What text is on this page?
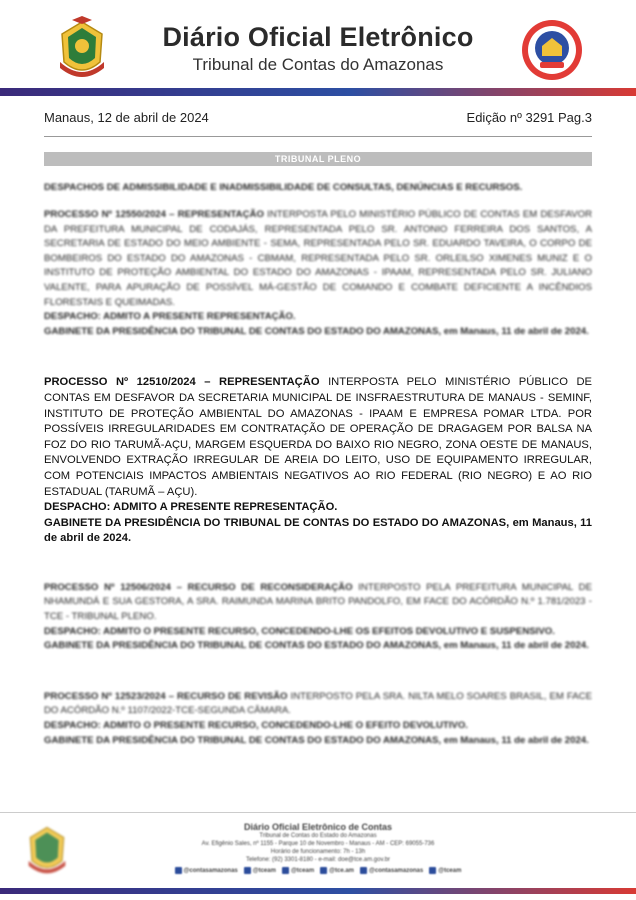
Diário Oficial Eletrônico
Tribunal de Contas do Amazonas
Manaus, 12 de abril de 2024	Edição nº 3291 Pag.3
TRIBUNAL PLENO
DESPACHOS DE ADMISSIBILIDADE E INADMISSIBILIDADE DE CONSULTAS, DENÚNCIAS E RECURSOS.
PROCESSO Nº 12550/2024 – REPRESENTAÇÃO INTERPOSTA PELO MINISTÉRIO PÚBLICO DE CONTAS EM DESFAVOR DA PREFEITURA MUNICIPAL DE CODAJÁS, REPRESENTADA PELO SR. ANTONIO FERREIRA DOS SANTOS, A SECRETARIA DE ESTADO DO MEIO AMBIENTE - SEMA, REPRESENTADA PELO SR. EDUARDO TAVEIRA, O CORPO DE BOMBEIROS DO ESTADO DO AMAZONAS - CBMAM, REPRESENTADA PELO SR. ORLEILSO XIMENES MUNIZ E O INSTITUTO DE PROTEÇÃO AMBIENTAL DO ESTADO DO AMAZONAS - IPAAM, REPRESENTADA PELO SR. JULIANO VALENTE, PARA APURAÇÃO DE POSSÍVEL MÁ-GESTÃO DE COMANDO E COMBATE DEFICIENTE A INCÊNDIOS FLORESTAIS E QUEIMADAS.
DESPACHO: ADMITO A PRESENTE REPRESENTAÇÃO.
GABINETE DA PRESIDÊNCIA DO TRIBUNAL DE CONTAS DO ESTADO DO AMAZONAS, em Manaus, 11 de abril de 2024.
PROCESSO Nº 12510/2024 – REPRESENTAÇÃO INTERPOSTA PELO MINISTÉRIO PÚBLICO DE CONTAS EM DESFAVOR DA SECRETARIA MUNICIPAL DE INSFRAESTRUTURA DE MANAUS - SEMINF, INSTITUTO DE PROTEÇÃO AMBIENTAL DO AMAZONAS - IPAAM E EMPRESA POMAR LTDA. POR POSSÍVEIS IRREGULARIDADES EM CONTRATAÇÃO DE OPERAÇÃO DE DRAGAGEM POR BALSA NA FOZ DO RIO TARUMÃ-AÇU, MARGEM ESQUERDA DO BAIXO RIO NEGRO, ZONA OESTE DE MANAUS, ENVOLVENDO EXTRAÇÃO IRREGULAR DE AREIA DO LEITO, USO DE EQUIPAMENTO IRREGULAR, COM POTENCIAIS IMPACTOS AMBIENTAIS NEGATIVOS AO RIO FEDERAL (RIO NEGRO) E AO RIO ESTADUAL (TARUMÃ – AÇU).
DESPACHO: ADMITO A PRESENTE REPRESENTAÇÃO.
GABINETE DA PRESIDÊNCIA DO TRIBUNAL DE CONTAS DO ESTADO DO AMAZONAS, em Manaus, 11 de abril de 2024.
PROCESSO Nº 12506/2024 – RECURSO DE RECONSIDERAÇÃO INTERPOSTO PELA PREFEITURA MUNICIPAL DE NHAMUNDÁ E SUA GESTORA, A SRA. RAIMUNDA MARINA BRITO PANDOLFO, EM FACE DO ACÓRDÃO N.º 1.781/2023 - TCE - TRIBUNAL PLENO.
DESPACHO: ADMITO O PRESENTE RECURSO, CONCEDENDO-LHE OS EFEITOS DEVOLUTIVO E SUSPENSIVO.
GABINETE DA PRESIDÊNCIA DO TRIBUNAL DE CONTAS DO ESTADO DO AMAZONAS, em Manaus, 11 de abril de 2024.
PROCESSO Nº 12523/2024 – RECURSO DE REVISÃO INTERPOSTO PELA SRA. NILTA MELO SOARES BRASIL, EM FACE DO ACÓRDÃO N.º 1107/2022-TCE-SEGUNDA CÂMARA.
DESPACHO: ADMITO O PRESENTE RECURSO, CONCEDENDO-LHE O EFEITO DEVOLUTIVO.
GABINETE DA PRESIDÊNCIA DO TRIBUNAL DE CONTAS DO ESTADO DO AMAZONAS, em Manaus, 11 de abril de 2024.
Diário Oficial Eletrônico de Contas
Tribunal de Contas do Estado do Amazonas
Av. Efigênio Sales, nº 1155 - Parque 10 de Novembro - Manaus - AM - CEP: 69055-736
Horário de funcionamento: 7h - 13h
Telefone: (92) 3301-8180 - e-mail: doe@tce.am.gov.br
@contasamazonas	@tceam	@tceam	@tce.am	@contasamazonas	@tceam
